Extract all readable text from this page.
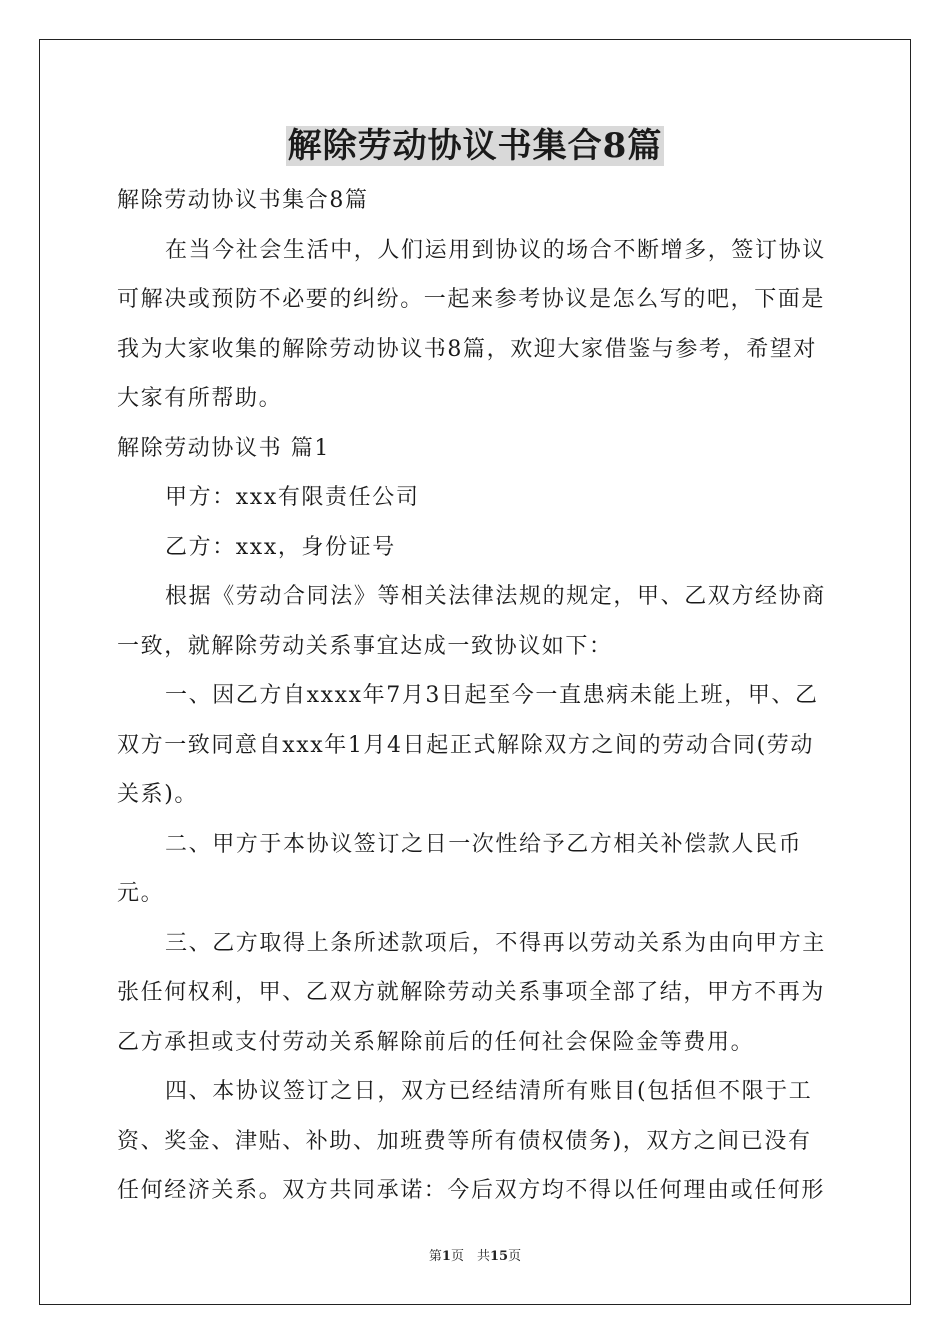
解除劳动协议书集合8篇

解除劳动协议书集合8篇

在当今社会生活中，人们运用到协议的场合不断增多，签订协议可解决或预防不必要的纠纷。一起来参考协议是怎么写的吧，下面是我为大家收集的解除劳动协议书8篇，欢迎大家借鉴与参考，希望对大家有所帮助。

解除劳动协议书 篇1

甲方：xxx有限责任公司

乙方：xxx，身份证号

根据《劳动合同法》等相关法律法规的规定，甲、乙双方经协商一致，就解除劳动关系事宜达成一致协议如下：

一、因乙方自xxxx年7月3日起至今一直患病未能上班，甲、乙双方一致同意自xxx年1月4日起正式解除双方之间的劳动合同(劳动关系)。

二、甲方于本协议签订之日一次性给予乙方相关补偿款人民币元。

三、乙方取得上条所述款项后，不得再以劳动关系为由向甲方主张任何权利，甲、乙双方就解除劳动关系事项全部了结，甲方不再为乙方承担或支付劳动关系解除前后的任何社会保险金等费用。

四、本协议签订之日，双方已经结清所有账目(包括但不限于工资、奖金、津贴、补助、加班费等所有债权债务)，双方之间已没有任何经济关系。双方共同承诺：今后双方均不得以任何理由或任何形

第1页　共15页
